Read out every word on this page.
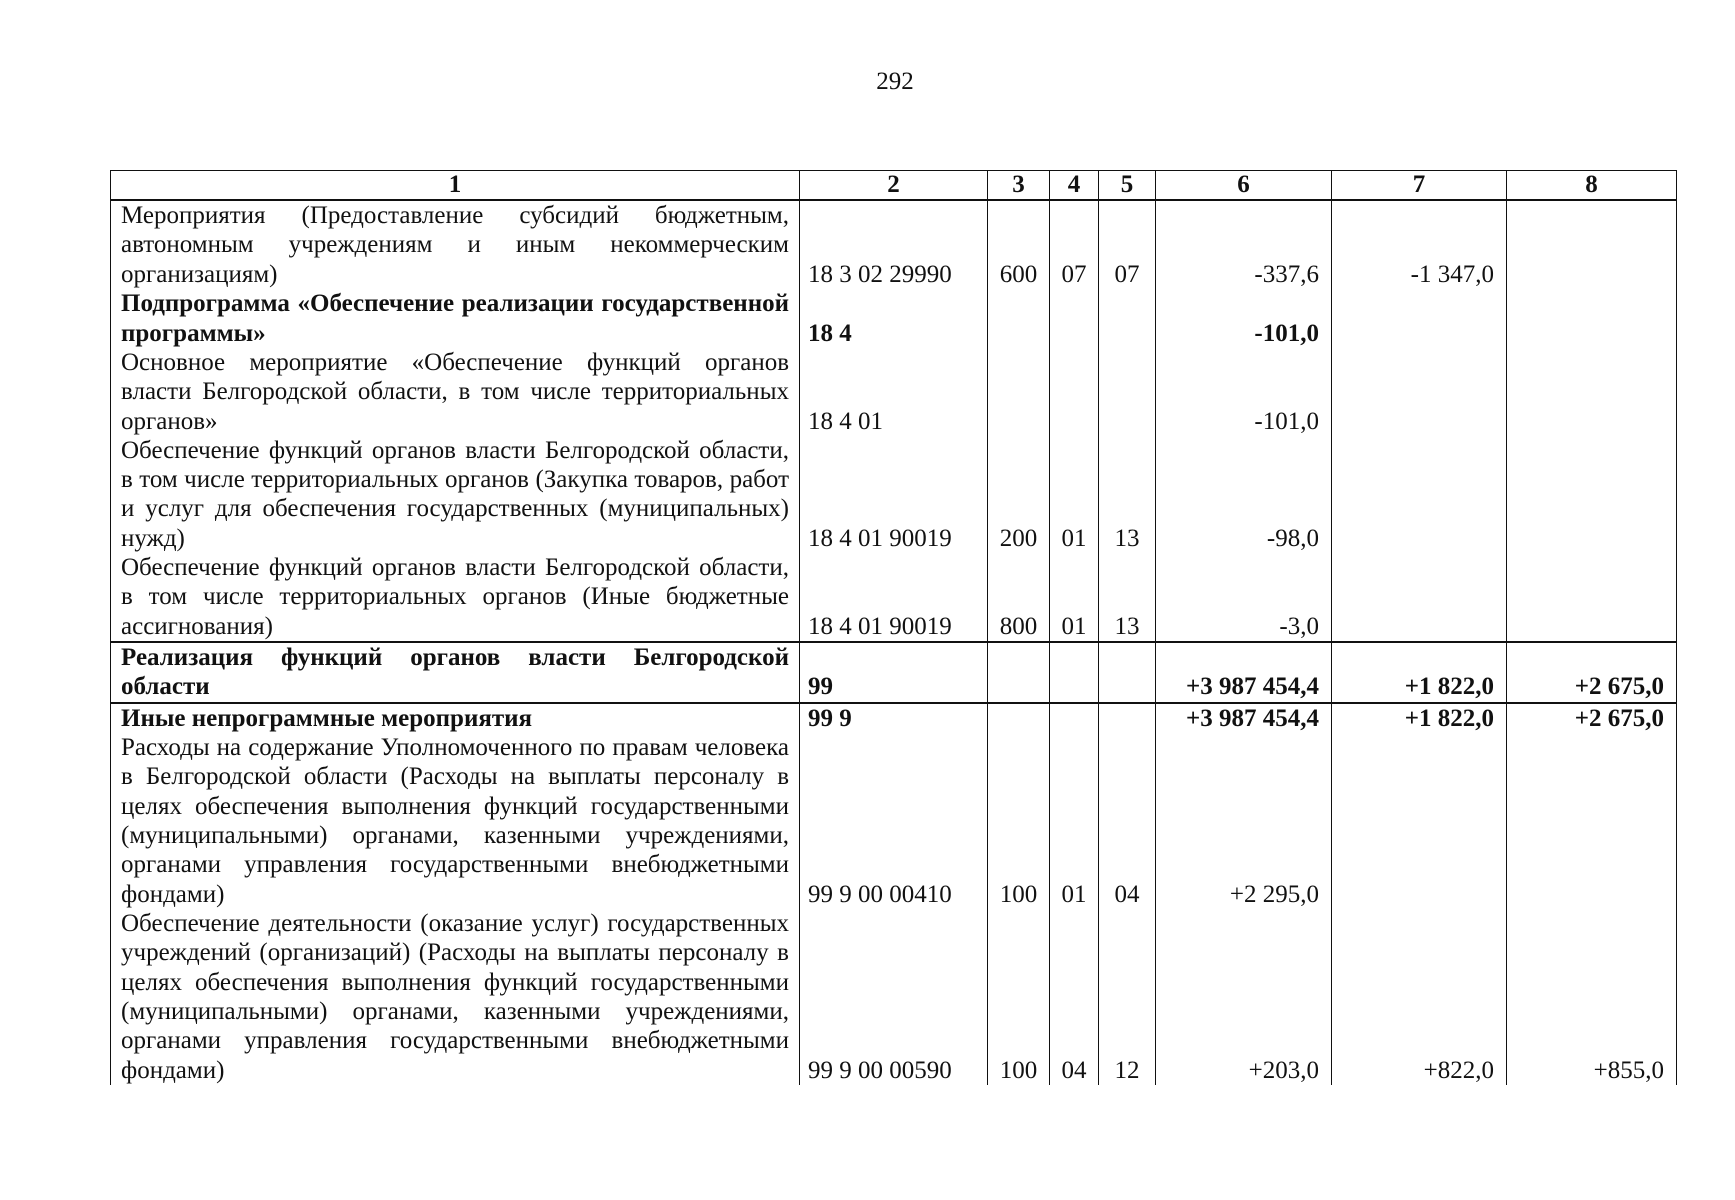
292
1	2	3	4	5	6	7	8
Мероприятия (Предоставление субсидий бюджетным, автономным учреждениям и иным некоммерческим организациям)	18 3 02 29990	600	07	07	-337,6	-1 347,0	
Подпрограмма «Обеспечение реализации государственной программы»	18 4				-101,0		
Основное мероприятие «Обеспечение функций органов власти Белгородской области, в том числе территориальных органов»	18 4 01				-101,0		
Обеспечение функций органов власти Белгородской области, в том числе территориальных органов (Закупка товаров, работ и услуг для обеспечения государственных (муниципальных) нужд)	18 4 01 90019	200	01	13	-98,0		
Обеспечение функций органов власти Белгородской области, в том числе территориальных органов (Иные бюджетные ассигнования)	18 4 01 90019	800	01	13	-3,0		
Реализация функций органов власти Белгородской области	99				+3 987 454,4	+1 822,0	+2 675,0

Иные непрограммные мероприятия	99 9				+3 987 454,4	+1 822,0	+2 675,0
Расходы на содержание Уполномоченного по правам человека в Белгородской области (Расходы на выплаты персоналу в целях обеспечения выполнения функций государственными (муниципальными) органами, казенными учреждениями, органами управления государственными внебюджетными фондами)	99 9 00 00410	100	01	04	+2 295,0		
Обеспечение деятельности (оказание услуг) государственных учреждений (организаций) (Расходы на выплаты персоналу в целях обеспечения выполнения функций государственными (муниципальными) органами, казенными учреждениями, органами управления государственными внебюджетными фондами)	99 9 00 00590	100	04	12	+203,0	+822,0	+855,0
